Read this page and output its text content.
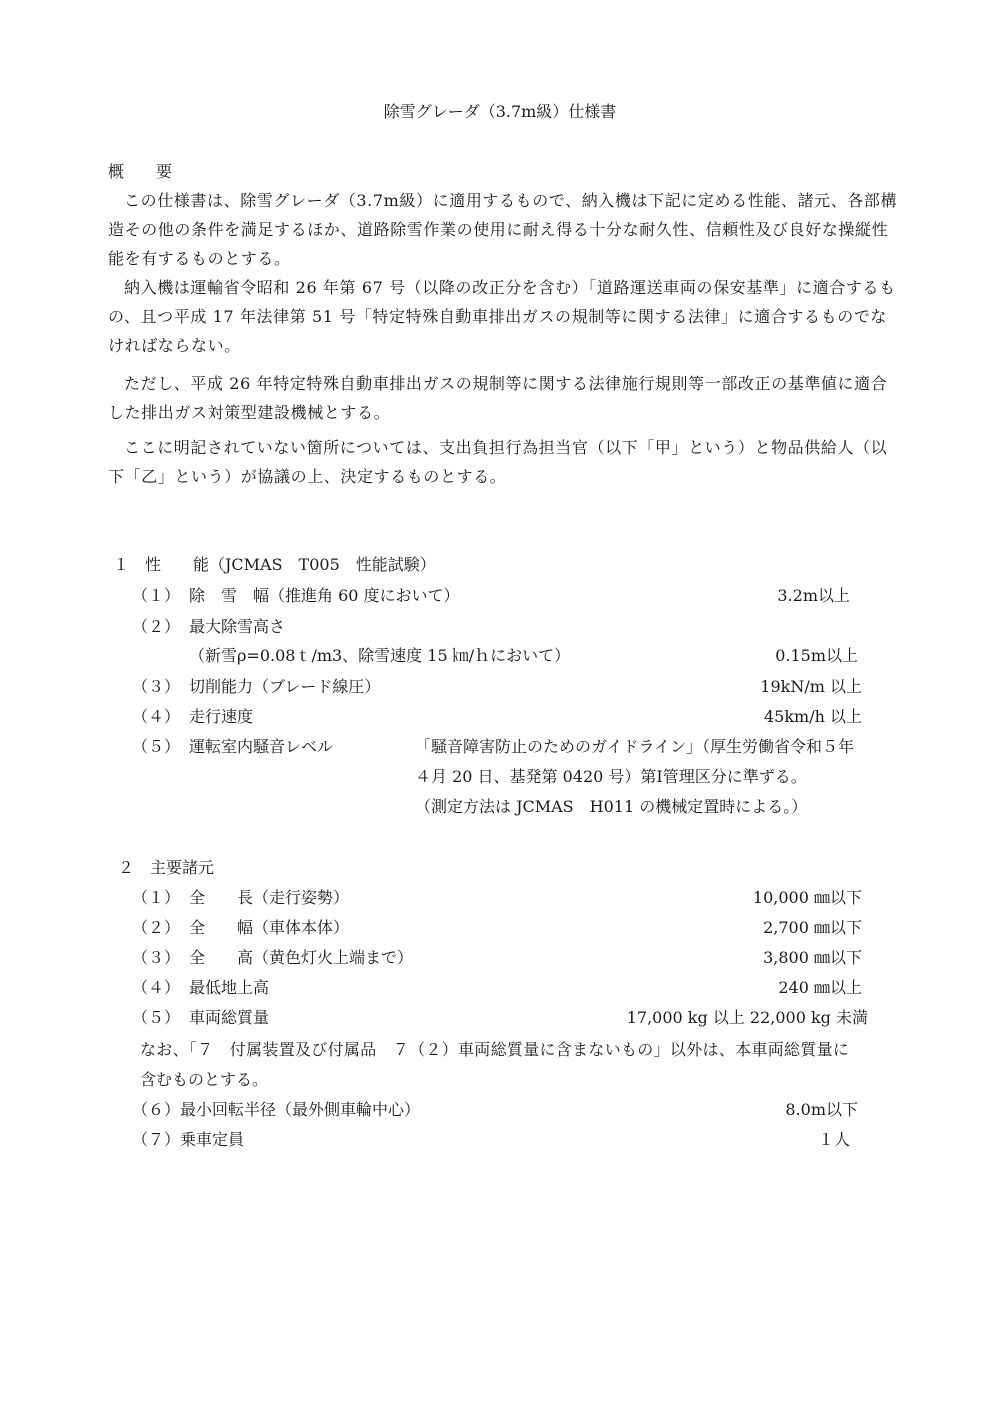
除雪グレーダ（3.7m級）仕様書
概　　要
この仕様書は、除雪グレーダ（3.7m級）に適用するもので、納入機は下記に定める性能、諸元、各部構造その他の条件を満足するほか、道路除雪作業の使用に耐え得る十分な耐久性、信頼性及び良好な操縦性能を有するものとする。
納入機は運輸省令昭和 26 年第 67 号（以降の改正分を含む）「道路運送車両の保安基準」に適合するもの、且つ平成 17 年法律第 51 号「特定特殊自動車排出ガスの規制等に関する法律」に適合するものでなければならない。
ただし、平成 26 年特定特殊自動車排出ガスの規制等に関する法律施行規則等一部改正の基準値に適合した排出ガス対策型建設機械とする。
ここに明記されていない箇所については、支出負担行為担当官（以下「甲」という）と物品供給人（以下「乙」という）が協議の上、決定するものとする。
１　性　　能（JCMAS　T005　性能試験）
（１） 除　雪　幅（推進角 60 度において）	3.2m以上
（２） 最大除雪高さ
（新雪ρ=0.08ｔ/m3、除雪速度 15 ㎞/ｈにおいて）	0.15m以上
（３） 切削能力（ブレード線圧）	19kN/m 以上
（４） 走行速度	45km/h 以上
（５） 運転室内騒音レベル	「騒音障害防止のためのガイドライン」（厚生労働省令和５年
４月 20 日、基発第 0420 号）第Ⅰ管理区分に準ずる。
（測定方法は JCMAS　H011 の機械定置時による。）
２　主要諸元
（１） 全　　長（走行姿勢）	10,000 ㎜以下
（２） 全　　幅（車体本体）	2,700 ㎜以下
（３） 全　　高（黄色灯火上端まで）	3,800 ㎜以下
（４） 最低地上高	240 ㎜以上
（５） 車両総質量	17,000 kg 以上 22,000 kg 未満
なお、「７　付属装置及び付属品　７（２）車両総質量に含まないもの」以外は、本車両総質量に
含むものとする。
（６）最小回転半径（最外側車輪中心）	8.0m以下
（７）乗車定員	１人
